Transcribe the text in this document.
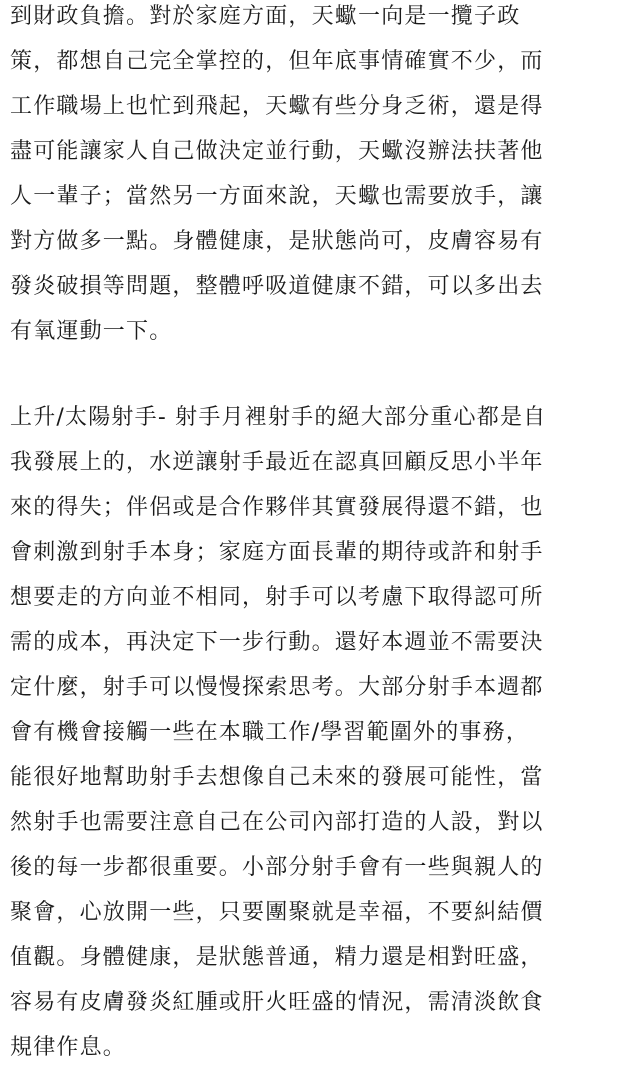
到財政負擔。對於家庭方面，天蠍一向是一攬子政
策，都想自己完全掌控的，但年底事情確實不少，而
工作職場上也忙到飛起，天蠍有些分身乏術，還是得
盡可能讓家人自己做決定並行動，天蠍沒辦法扶著他
人一輩子；當然另一方面來說，天蠍也需要放手，讓
對方做多一點。身體健康，是狀態尚可，皮膚容易有
發炎破損等問題，整體呼吸道健康不錯，可以多出去
有氧運動一下。
上升/太陽射手- 射手月裡射手的絕大部分重心都是自
我發展上的，水逆讓射手最近在認真回顧反思小半年
來的得失；伴侶或是合作夥伴其實發展得還不錯，也
會刺激到射手本身；家庭方面長輩的期待或許和射手
想要走的方向並不相同，射手可以考慮下取得認可所
需的成本，再決定下一步行動。還好本週並不需要決
定什麼，射手可以慢慢探索思考。大部分射手本週都
會有機會接觸一些在本職工作/學習範圍外的事務，
能很好地幫助射手去想像自己未來的發展可能性，當
然射手也需要注意自己在公司內部打造的人設，對以
後的每一步都很重要。小部分射手會有一些與親人的
聚會，心放開一些，只要團聚就是幸福，不要糾結價
值觀。身體健康，是狀態普通，精力還是相對旺盛，
容易有皮膚發炎紅腫或肝火旺盛的情況，需清淡飲食
規律作息。
